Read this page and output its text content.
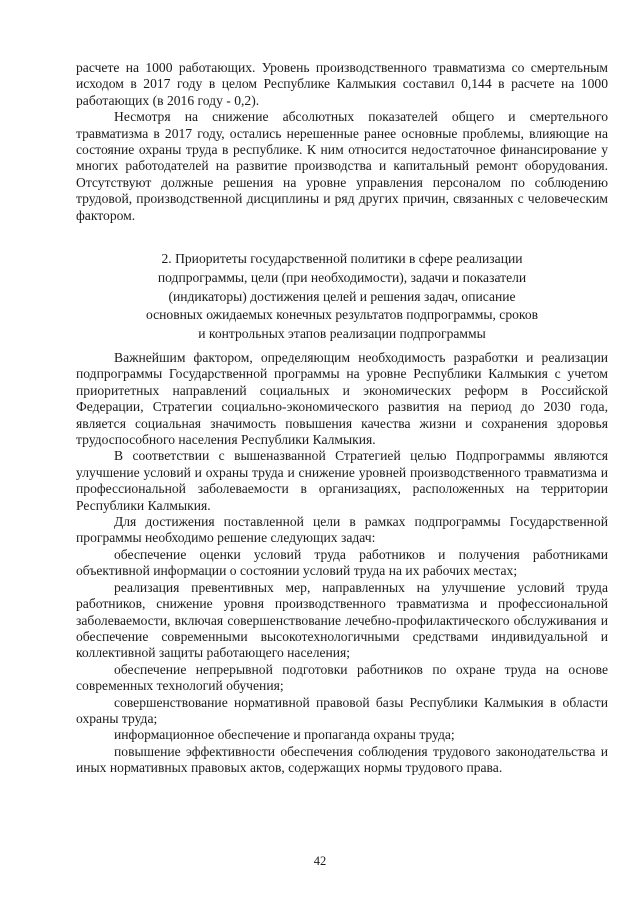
расчете на 1000 работающих. Уровень производственного травматизма со смертельным исходом в 2017 году в целом Республике Калмыкия составил 0,144 в расчете на 1000 работающих (в 2016 году - 0,2).

Несмотря на снижение абсолютных показателей общего и смертельного травматизма в 2017 году, остались нерешенные ранее основные проблемы, влияющие на состояние охраны труда в республике. К ним относится недостаточное финансирование у многих работодателей на развитие производства и капитальный ремонт оборудования. Отсутствуют должные решения на уровне управления персоналом по соблюдению трудовой, производственной дисциплины и ряд других причин, связанных с человеческим фактором.

2. Приоритеты государственной политики в сфере реализации
подпрограммы, цели (при необходимости), задачи и показатели
(индикаторы) достижения целей и решения задач, описание
основных ожидаемых конечных результатов подпрограммы, сроков
и контрольных этапов реализации подпрограммы

Важнейшим фактором, определяющим необходимость разработки и реализации подпрограммы Государственной программы на уровне Республики Калмыкия с учетом приоритетных направлений социальных и экономических реформ в Российской Федерации, Стратегии социально-экономического развития на период до 2030 года, является социальная значимость повышения качества жизни и сохранения здоровья трудоспособного населения Республики Калмыкия.

В соответствии с вышеназванной Стратегией целью Подпрограммы являются улучшение условий и охраны труда и снижение уровней производственного травматизма и профессиональной заболеваемости в организациях, расположенных на территории Республики Калмыкия.

Для достижения поставленной цели в рамках подпрограммы Государственной программы необходимо решение следующих задач:

обеспечение оценки условий труда работников и получения работниками объективной информации о состоянии условий труда на их рабочих местах;

реализация превентивных мер, направленных на улучшение условий труда работников, снижение уровня производственного травматизма и профессиональной заболеваемости, включая совершенствование лечебно-профилактического обслуживания и обеспечение современными высокотехнологичными средствами индивидуальной и коллективной защиты работающего населения;

обеспечение непрерывной подготовки работников по охране труда на основе современных технологий обучения;

совершенствование нормативной правовой базы Республики Калмыкия в области охраны труда;

информационное обеспечение и пропаганда охраны труда;

повышение эффективности обеспечения соблюдения трудового законодательства и иных нормативных правовых актов, содержащих нормы трудового права.

42
